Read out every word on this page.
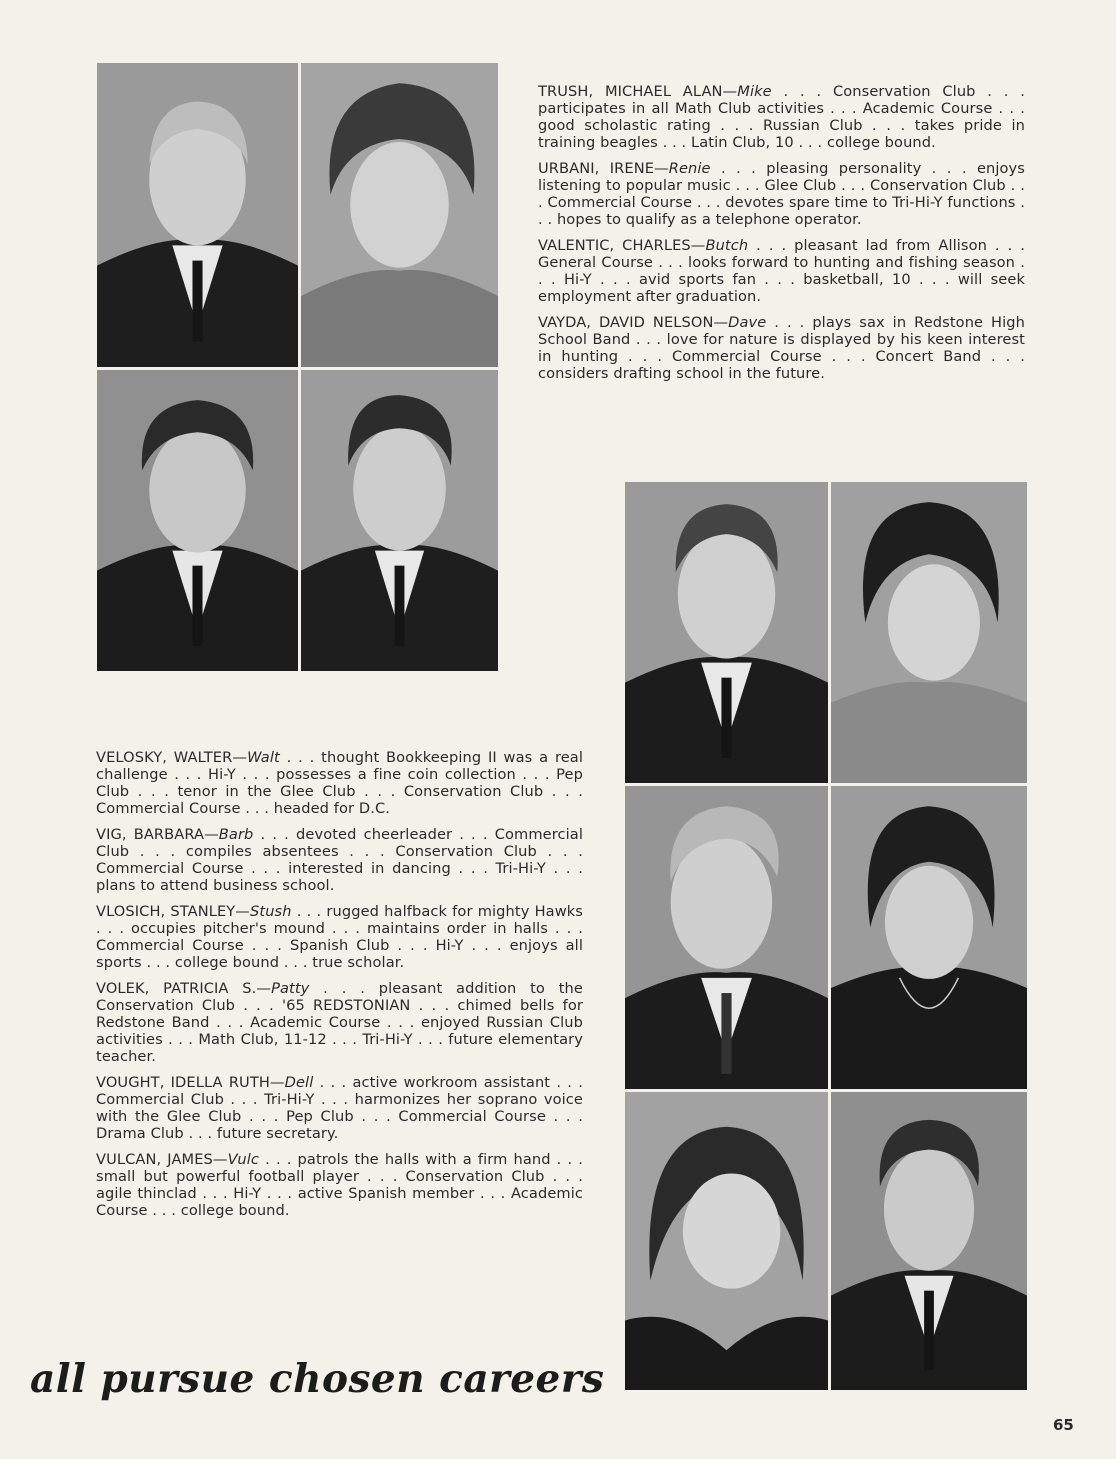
TRUSH, MICHAEL ALAN—Mike . . . Conservation Club . . . participates in all Math Club activities . . . Academic Course . . . good scholastic rating . . . Russian Club . . . takes pride in training beagles . . . Latin Club, 10 . . . college bound.

URBANI, IRENE—Renie . . . pleasing personality . . . enjoys listening to popular music . . . Glee Club . . . Conservation Club . . . Commercial Course . . . devotes spare time to Tri-Hi-Y functions . . . hopes to qualify as a telephone operator.

VALENTIC, CHARLES—Butch . . . pleasant lad from Allison . . . General Course . . . looks forward to hunting and fishing season . . . Hi-Y . . . avid sports fan . . . basketball, 10 . . . will seek employment after graduation.

VAYDA, DAVID NELSON—Dave . . . plays sax in Redstone High School Band . . . love for nature is displayed by his keen interest in hunting . . . Commercial Course . . . Concert Band . . . considers drafting school in the future.

VELOSKY, WALTER—Walt . . . thought Bookkeeping II was a real challenge . . . Hi-Y . . . possesses a fine coin collection . . . Pep Club . . . tenor in the Glee Club . . . Conservation Club . . . Commercial Course . . . headed for D.C.

VIG, BARBARA—Barb . . . devoted cheerleader . . . Commercial Club . . . compiles absentees . . . Conservation Club . . . Commercial Course . . . interested in dancing . . . Tri-Hi-Y . . . plans to attend business school.

VLOSICH, STANLEY—Stush . . . rugged halfback for mighty Hawks . . . occupies pitcher's mound . . . maintains order in halls . . . Commercial Course . . . Spanish Club . . . Hi-Y . . . enjoys all sports . . . college bound . . . true scholar.

VOLEK, PATRICIA S.—Patty . . . pleasant addition to the Conservation Club . . . '65 REDSTONIAN . . . chimed bells for Redstone Band . . . Academic Course . . . enjoyed Russian Club activities . . . Math Club, 11-12 . . . Tri-Hi-Y . . . future elementary teacher.

VOUGHT, IDELLA RUTH—Dell . . . active workroom assistant . . . Commercial Club . . . Tri-Hi-Y . . . harmonizes her soprano voice with the Glee Club . . . Pep Club . . . Commercial Course . . . Drama Club . . . future secretary.

VULCAN, JAMES—Vulc . . . patrols the halls with a firm hand . . . small but powerful football player . . . Conservation Club . . . agile thinclad . . . Hi-Y . . . active Spanish member . . . Academic Course . . . college bound.

all pursue chosen careers
65
